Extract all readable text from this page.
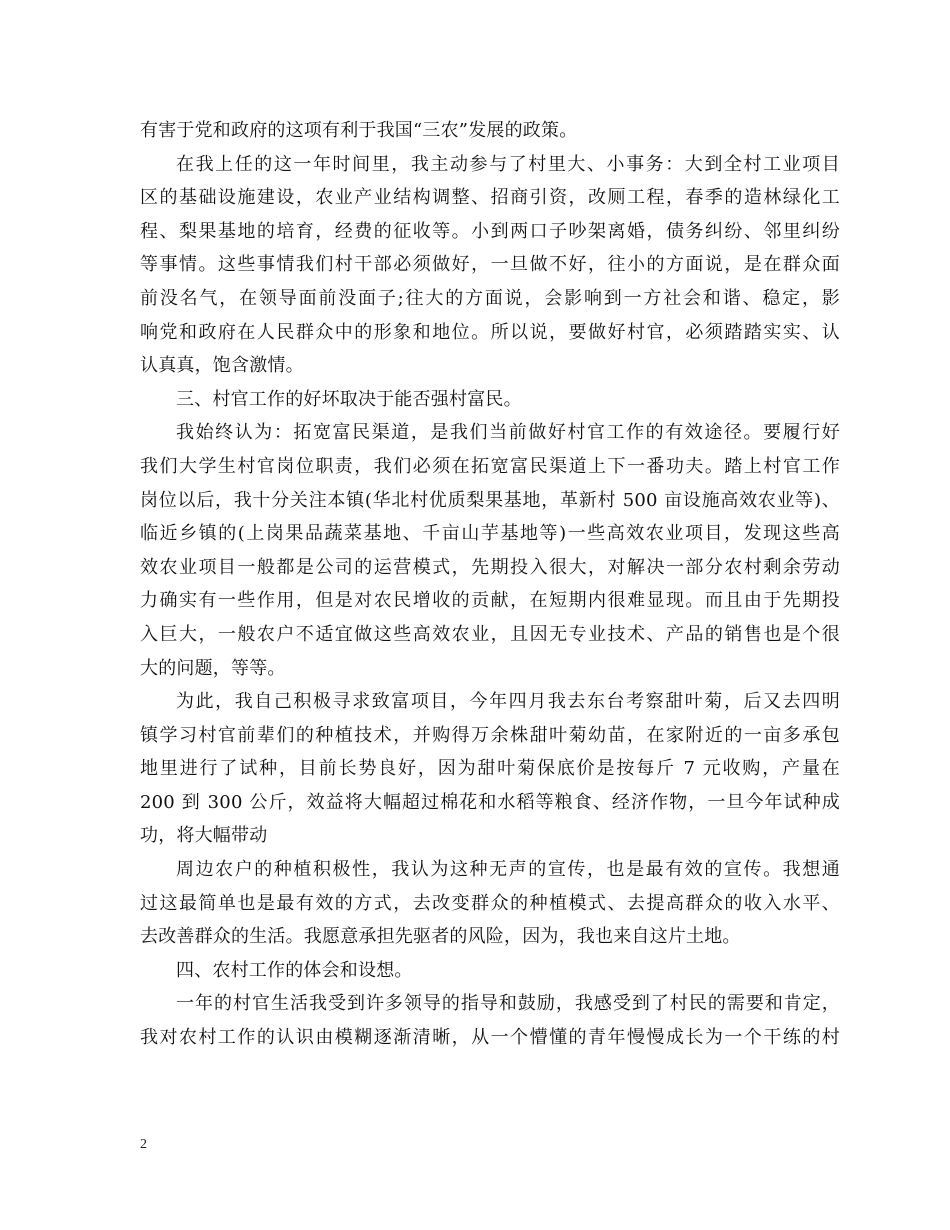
有害于党和政府的这项有利于我国“三农”发展的政策。
在我上任的这一年时间里，我主动参与了村里大、小事务：大到全村工业项目
区的基础设施建设，农业产业结构调整、招商引资，改厕工程，春季的造林绿化工
程、梨果基地的培育，经费的征收等。小到两口子吵架离婚，债务纠纷、邻里纠纷
等事情。这些事情我们村干部必须做好，一旦做不好，往小的方面说，是在群众面
前没名气，在领导面前没面子;往大的方面说，会影响到一方社会和谐、稳定，影
响党和政府在人民群众中的形象和地位。所以说，要做好村官，必须踏踏实实、认
认真真，饱含激情。
三、村官工作的好坏取决于能否强村富民。
我始终认为：拓宽富民渠道，是我们当前做好村官工作的有效途径。要履行好
我们大学生村官岗位职责，我们必须在拓宽富民渠道上下一番功夫。踏上村官工作
岗位以后，我十分关注本镇(华北村优质梨果基地，革新村 500 亩设施高效农业等)、
临近乡镇的(上岗果品蔬菜基地、千亩山芋基地等)一些高效农业项目，发现这些高
效农业项目一般都是公司的运营模式，先期投入很大，对解决一部分农村剩余劳动
力确实有一些作用，但是对农民增收的贡献，在短期内很难显现。而且由于先期投
入巨大，一般农户不适宜做这些高效农业，且因无专业技术、产品的销售也是个很
大的问题，等等。
为此，我自己积极寻求致富项目，今年四月我去东台考察甜叶菊，后又去四明
镇学习村官前辈们的种植技术，并购得万余株甜叶菊幼苗，在家附近的一亩多承包
地里进行了试种，目前长势良好，因为甜叶菊保底价是按每斤 7 元收购，产量在
200 到 300 公斤，效益将大幅超过棉花和水稻等粮食、经济作物，一旦今年试种成
功，将大幅带动
周边农户的种植积极性，我认为这种无声的宣传，也是最有效的宣传。我想通
过这最简单也是最有效的方式，去改变群众的种植模式、去提高群众的收入水平、
去改善群众的生活。我愿意承担先驱者的风险，因为，我也来自这片土地。
四、农村工作的体会和设想。
一年的村官生活我受到许多领导的指导和鼓励，我感受到了村民的需要和肯定，
我对农村工作的认识由模糊逐渐清晰，从一个懵懂的青年慢慢成长为一个干练的村
2
